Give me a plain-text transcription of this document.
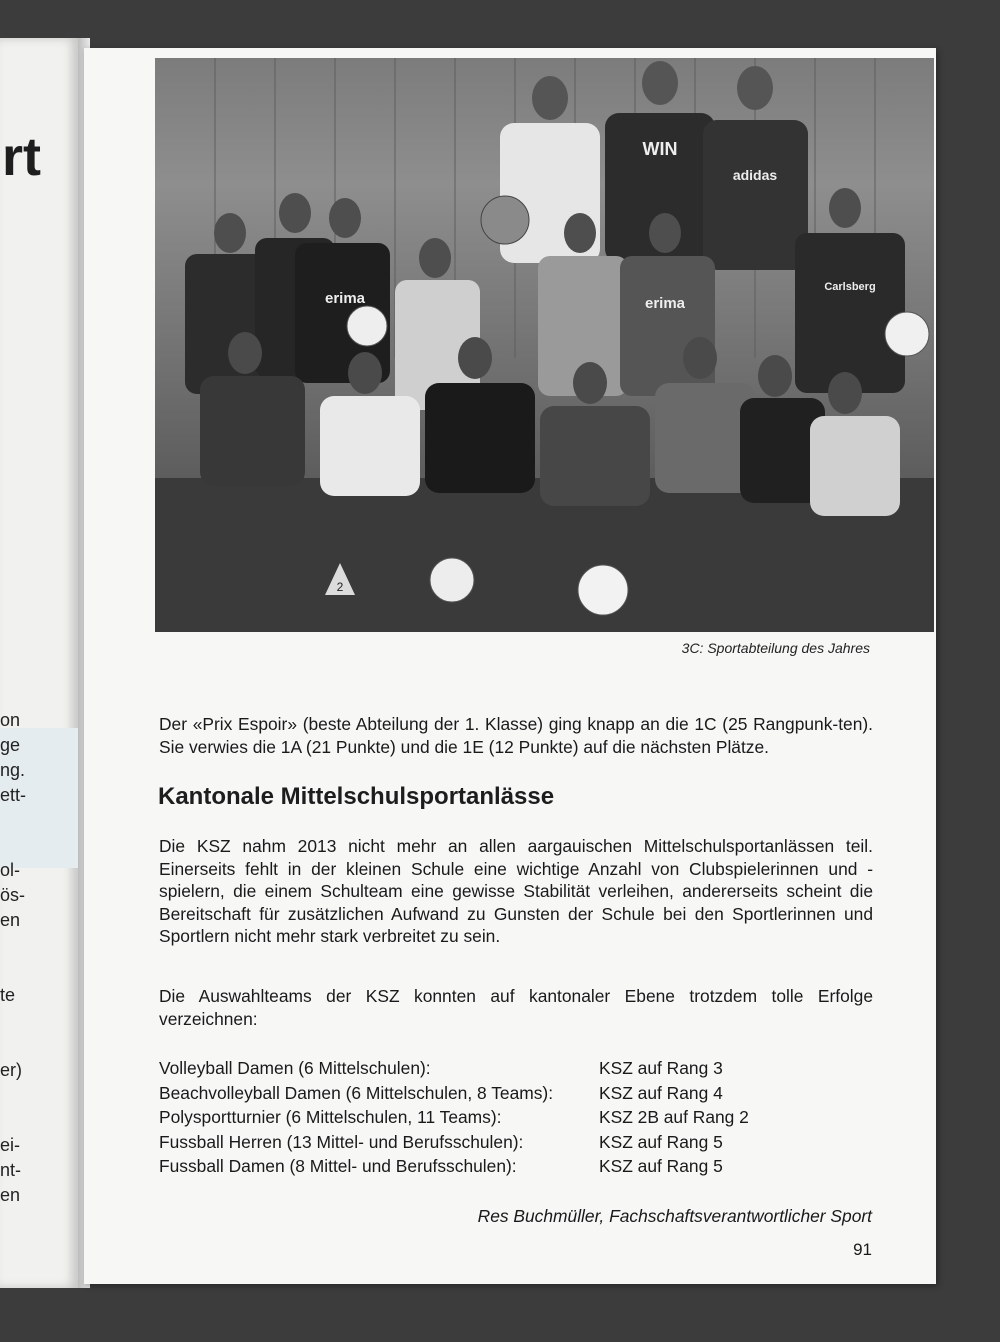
rt
on
ge
ng.
ett-
ol-
ös-
en
te
er)
ei-
nt-
en
2
WIN
adidas
erima	erima
Carlsberg
3C: Sportabteilung des Jahres
Der «Prix Espoir» (beste Abteilung der 1. Klasse) ging knapp an die 1C (25 Rangpunk-ten). Sie verwies die 1A (21 Punkte) und die 1E (12 Punkte) auf die nächsten Plätze.
Kantonale Mittelschulsportanlässe
Die KSZ nahm 2013 nicht mehr an allen aargauischen Mittelschulsportanlässen teil. Einerseits fehlt in der kleinen Schule eine wichtige Anzahl von Clubspielerinnen und -spielern, die einem Schulteam eine gewisse Stabilität verleihen, andererseits scheint die Bereitschaft für zusätzlichen Aufwand zu Gunsten der Schule bei den Sportlerinnen und Sportlern nicht mehr stark verbreitet zu sein.
Die Auswahlteams der KSZ konnten auf kantonaler Ebene trotzdem tolle Erfolge verzeichnen:
Volleyball Damen (6 Mittelschulen):	KSZ auf Rang 3
Beachvolleyball Damen (6 Mittelschulen, 8 Teams):	KSZ auf Rang 4
Polysportturnier (6 Mittelschulen, 11 Teams):	KSZ 2B auf Rang 2
Fussball Herren (13 Mittel- und Berufsschulen):	KSZ auf Rang 5
Fussball Damen (8 Mittel- und Berufsschulen):	KSZ auf Rang 5
Res Buchmüller, Fachschaftsverantwortlicher Sport
91
